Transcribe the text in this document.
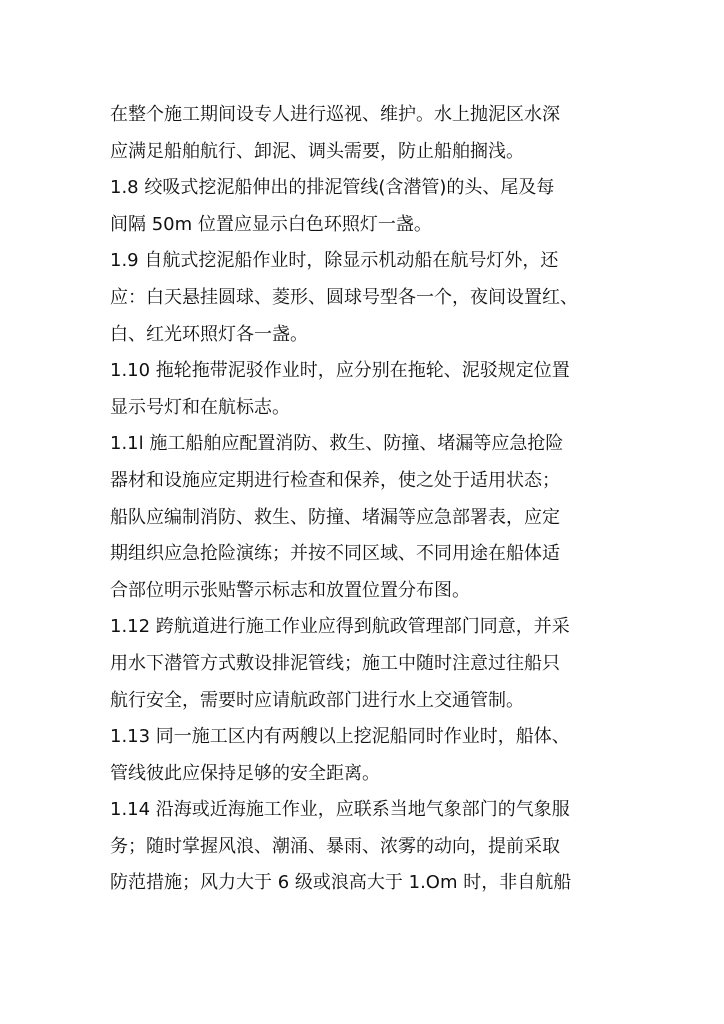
在整个施工期间设专人进行巡视、维护。水上抛泥区水深
应满足船舶航行、卸泥、调头需要，防止船舶搁浅。
1.8 绞吸式挖泥船伸出的排泥管线(含潜管)的头、尾及每
间隔 50m 位置应显示白色环照灯一盏。
1.9 自航式挖泥船作业时，除显示机动船在航号灯外，还
应：白天悬挂圆球、菱形、圆球号型各一个，夜间设置红、
白、红光环照灯各一盏。
1.10 拖轮拖带泥驳作业时，应分别在拖轮、泥驳规定位置
显示号灯和在航标志。
1.1l 施工船舶应配置消防、救生、防撞、堵漏等应急抢险
器材和设施应定期进行检查和保养，使之处于适用状态；
船队应编制消防、救生、防撞、堵漏等应急部署表，应定
期组织应急抢险演练；并按不同区域、不同用途在船体适
合部位明示张贴警示标志和放置位置分布图。
1.12 跨航道进行施工作业应得到航政管理部门同意，并采
用水下潜管方式敷设排泥管线；施工中随时注意过往船只
航行安全，需要时应请航政部门进行水上交通管制。
1.13 同一施工区内有两艘以上挖泥船同时作业时，船体、
管线彼此应保持足够的安全距离。
1.14 沿海或近海施工作业，应联系当地气象部门的气象服
务；随时掌握风浪、潮涌、暴雨、浓雾的动向，提前采取
防范措施；风力大于 6 级或浪高大于 1.Om 时，非自航船
